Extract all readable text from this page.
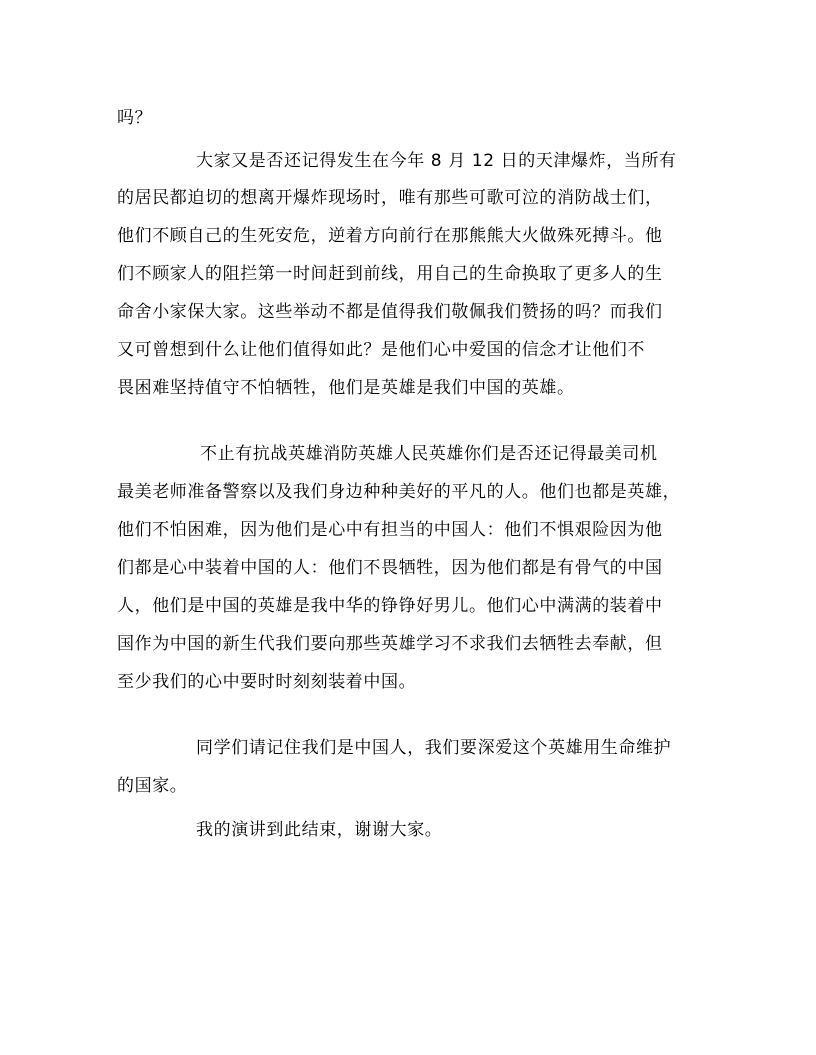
吗？
大家又是否还记得发生在今年 8 月 12 日的天津爆炸，当所有
的居民都迫切的想离开爆炸现场时，唯有那些可歌可泣的消防战士们，
他们不顾自己的生死安危，逆着方向前行在那熊熊大火做殊死搏斗。他
们不顾家人的阻拦第一时间赶到前线，用自己的生命换取了更多人的生
命舍小家保大家。这些举动不都是值得我们敬佩我们赞扬的吗？而我们
又可曾想到什么让他们值得如此？是他们心中爱国的信念才让他们不
畏困难坚持值守不怕牺牲，他们是英雄是我们中国的英雄。
不止有抗战英雄消防英雄人民英雄你们是否还记得最美司机
最美老师准备警察以及我们身边种种美好的平凡的人。他们也都是英雄，
他们不怕困难，因为他们是心中有担当的中国人：他们不惧艰险因为他
们都是心中装着中国的人：他们不畏牺牲，因为他们都是有骨气的中国
人，他们是中国的英雄是我中华的铮铮好男儿。他们心中满满的装着中
国作为中国的新生代我们要向那些英雄学习不求我们去牺牲去奉献，但
至少我们的心中要时时刻刻装着中国。
同学们请记住我们是中国人，我们要深爱这个英雄用生命维护
的国家。
我的演讲到此结束，谢谢大家。
